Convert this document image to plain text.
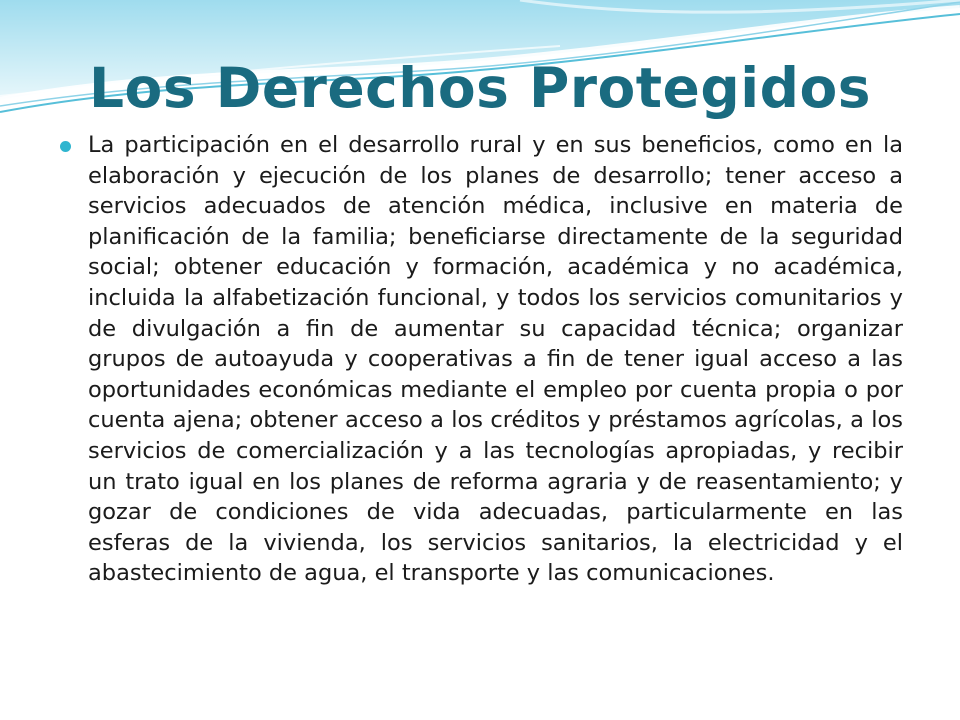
Los Derechos Protegidos

La participación en el desarrollo rural y en sus beneficios, como en la elaboración y ejecución de los planes de desarrollo; tener acceso a servicios adecuados de atención médica, inclusive en materia de planificación de la familia; beneficiarse directamente de la seguridad social; obtener educación y formación, académica y no académica, incluida la alfabetización funcional, y todos los servicios comunitarios y de divulgación a fin de aumentar su capacidad técnica; organizar grupos de autoayuda y cooperativas a fin de tener igual acceso a las oportunidades económicas mediante el empleo por cuenta propia o por cuenta ajena; obtener acceso a los créditos y préstamos agrícolas, a los servicios de comercialización y a las tecnologías apropiadas, y recibir un trato igual en los planes de reforma agraria y de reasentamiento; y gozar de condiciones de vida adecuadas, particularmente en las esferas de la vivienda, los servicios sanitarios, la electricidad y el abastecimiento de agua, el transporte y las comunicaciones.
